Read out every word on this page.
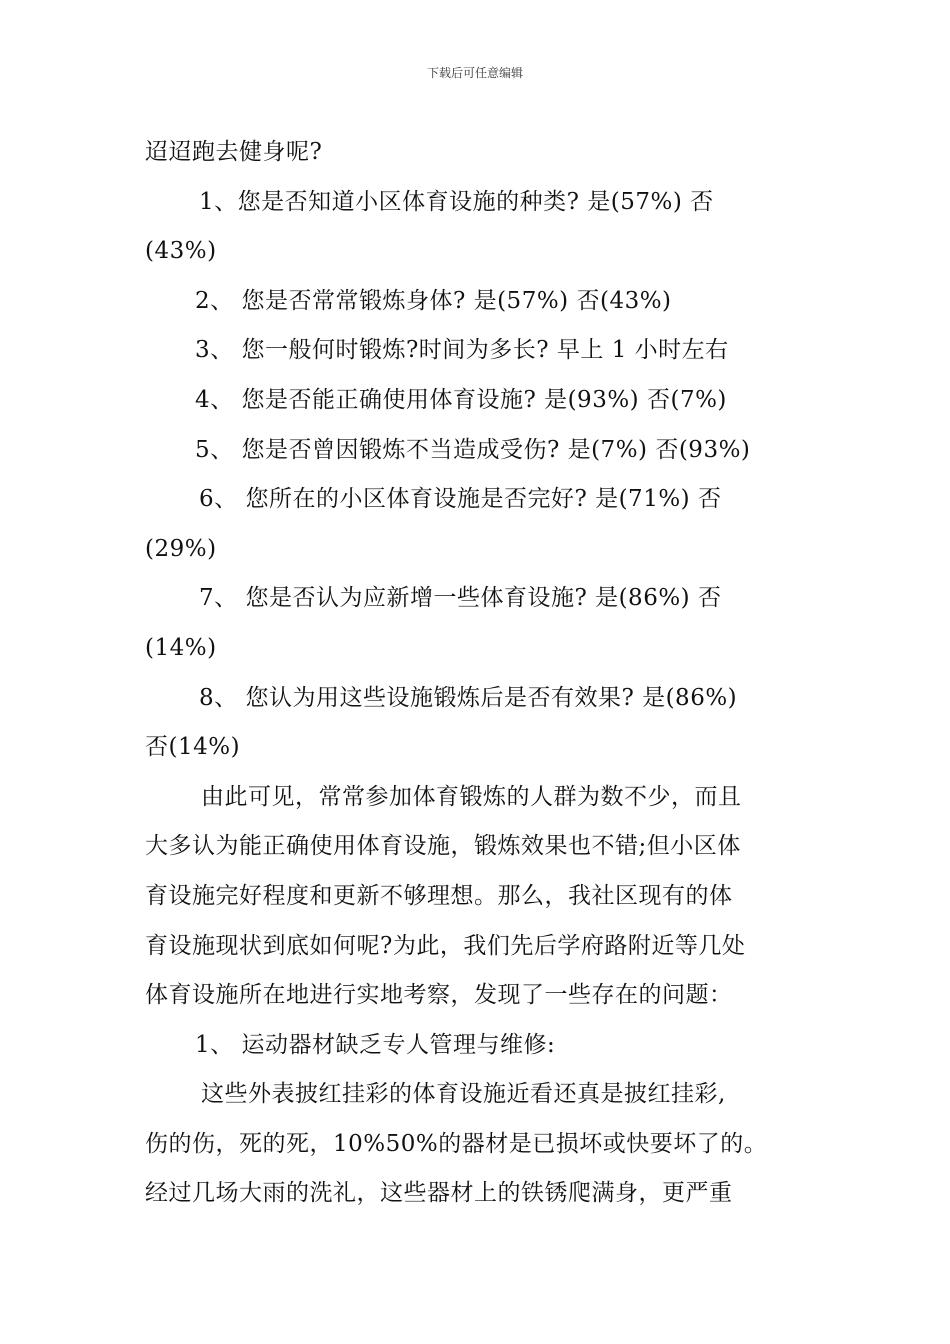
下载后可任意编辑
迢迢跑去健身呢?
1、您是否知道小区体育设施的种类? 是(57%) 否
(43%)
2、 您是否常常锻炼身体? 是(57%) 否(43%)
3、 您一般何时锻炼?时间为多长? 早上 1 小时左右
4、 您是否能正确使用体育设施? 是(93%) 否(7%)
5、 您是否曾因锻炼不当造成受伤? 是(7%) 否(93%)
6、 您所在的小区体育设施是否完好? 是(71%) 否
(29%)
7、 您是否认为应新增一些体育设施? 是(86%) 否
(14%)
8、 您认为用这些设施锻炼后是否有效果? 是(86%)
否(14%)
由此可见，常常参加体育锻炼的人群为数不少，而且
大多认为能正确使用体育设施，锻炼效果也不错;但小区体
育设施完好程度和更新不够理想。那么，我社区现有的体
育设施现状到底如何呢?为此，我们先后学府路附近等几处
体育设施所在地进行实地考察，发现了一些存在的问题：
1、 运动器材缺乏专人管理与维修:
这些外表披红挂彩的体育设施近看还真是披红挂彩,
伤的伤，死的死，10%50%的器材是已损坏或快要坏了的。
经过几场大雨的洗礼，这些器材上的铁锈爬满身，更严重
